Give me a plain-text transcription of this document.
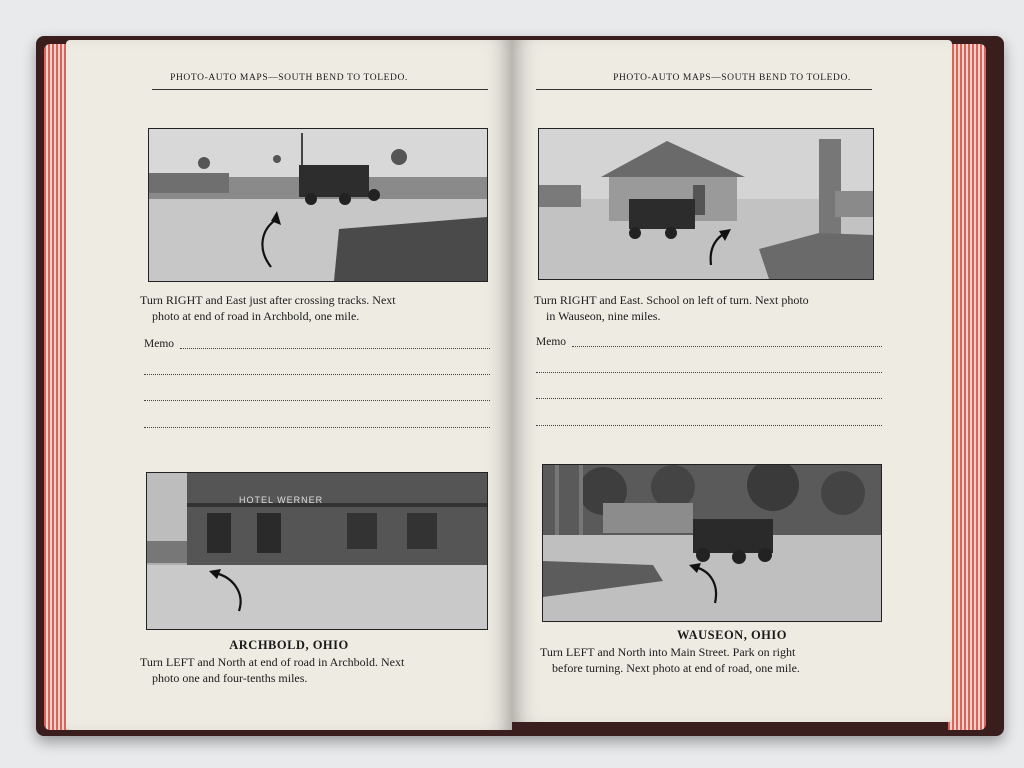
PHOTO-AUTO MAPS—SOUTH BEND TO TOLEDO.
Turn RIGHT and East just after crossing tracks. Next
photo at end of road in Archbold, one mile.
Memo
HOTEL WERNER
ARCHBOLD, OHIO
Turn LEFT and North at end of road in Archbold. Next
photo one and four-tenths miles.
PHOTO-AUTO MAPS—SOUTH BEND TO TOLEDO.
Turn RIGHT and East. School on left of turn. Next photo
in Wauseon, nine miles.
Memo
WAUSEON, OHIO
Turn LEFT and North into Main Street. Park on right
before turning. Next photo at end of road, one mile.
